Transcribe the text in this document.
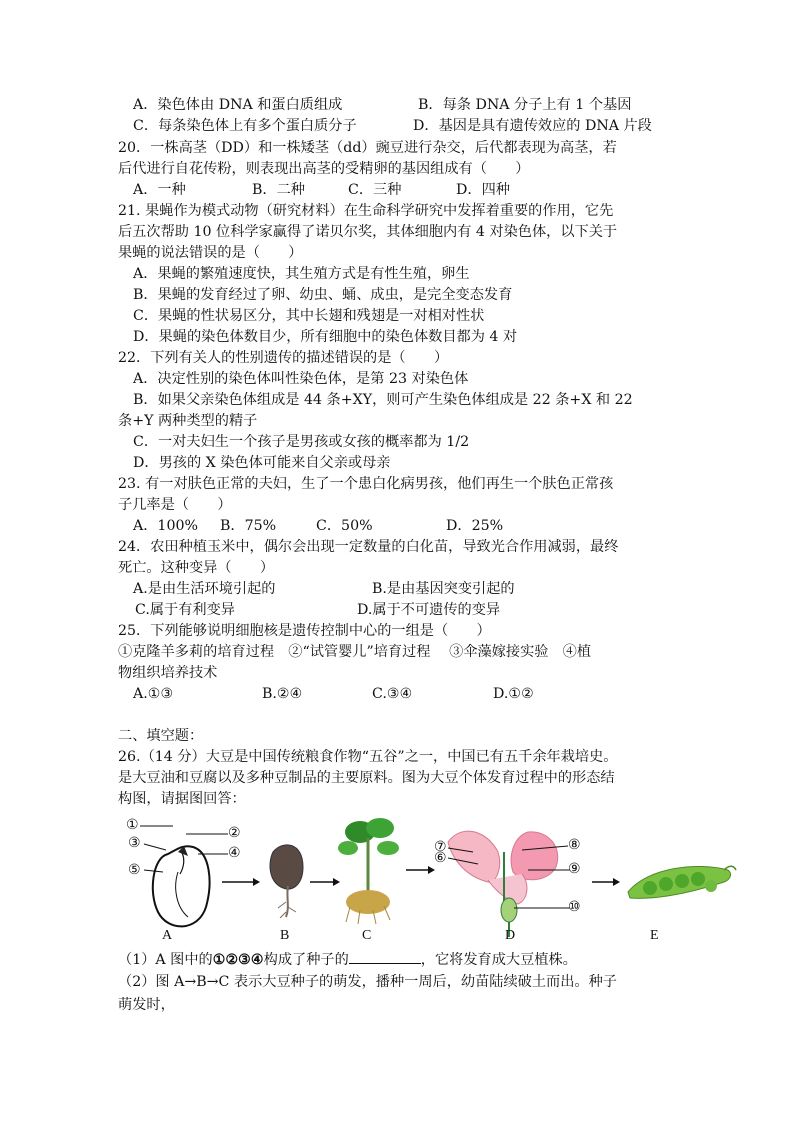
A．染色体由 DNA 和蛋白质组成	B．每条 DNA 分子上有 1 个基因
C．每条染色体上有多个蛋白质分子	D．基因是具有遗传效应的 DNA 片段
20．一株高茎（DD）和一株矮茎（dd）豌豆进行杂交，后代都表现为高茎，若
后代进行自花传粉，则表现出高茎的受精卵的基因组成有（　　）
A．一种	B．二种	C．三种	D．四种
21. 果蝇作为模式动物（研究材料）在生命科学研究中发挥着重要的作用，它先
后五次帮助 10 位科学家赢得了诺贝尔奖，其体细胞内有 4 对染色体，以下关于
果蝇的说法错误的是（　　）
A．果蝇的繁殖速度快，其生殖方式是有性生殖，卵生
B．果蝇的发育经过了卵、幼虫、蛹、成虫，是完全变态发育
C．果蝇的性状易区分，其中长翅和残翅是一对相对性状
D．果蝇的染色体数目少，所有细胞中的染色体数目都为 4 对
22．下列有关人的性别遗传的描述错误的是（　　）
A．决定性别的染色体叫性染色体，是第 23 对染色体
B．如果父亲染色体组成是 44 条+XY，则可产生染色体组成是 22 条+X 和 22
条+Y 两种类型的精子
C．一对夫妇生一个孩子是男孩或女孩的概率都为 1/2
D．男孩的 X 染色体可能来自父亲或母亲
23. 有一对肤色正常的夫妇，生了一个患白化病男孩，他们再生一个肤色正常孩
子几率是（　　）
A．100% B．75%	C．50%	D．25%
24．农田种植玉米中，偶尔会出现一定数量的白化苗，导致光合作用减弱，最终
死亡。这种变异（　　）
A.是由生活环境引起的	B.是由基因突变引起的
C.属于有利变异	D.属于不可遗传的变异
25．下列能够说明细胞核是遗传控制中心的一组是（　　）
①克隆羊多莉的培育过程　②“试管婴儿”培育过程　 ③伞藻嫁接实验　④植
物组织培养技术
A.①③	B.②④	C.③④	D.①②
二、填空题：
26.（14 分）大豆是中国传统粮食作物“五谷”之一，中国已有五千余年栽培史。
是大豆油和豆腐以及多种豆制品的主要原料。图为大豆个体发育过程中的形态结
构图，请据图回答：
①
②
③
④
⑤
⑦
⑥
⑧
⑨
⑩
A	B	C	D	E
（1）A 图中的①②③④构成了种子的	，它将发育成大豆植株。
（2）图 A→B→C 表示大豆种子的萌发，播种一周后，幼苗陆续破土而出。种子
萌发时，
